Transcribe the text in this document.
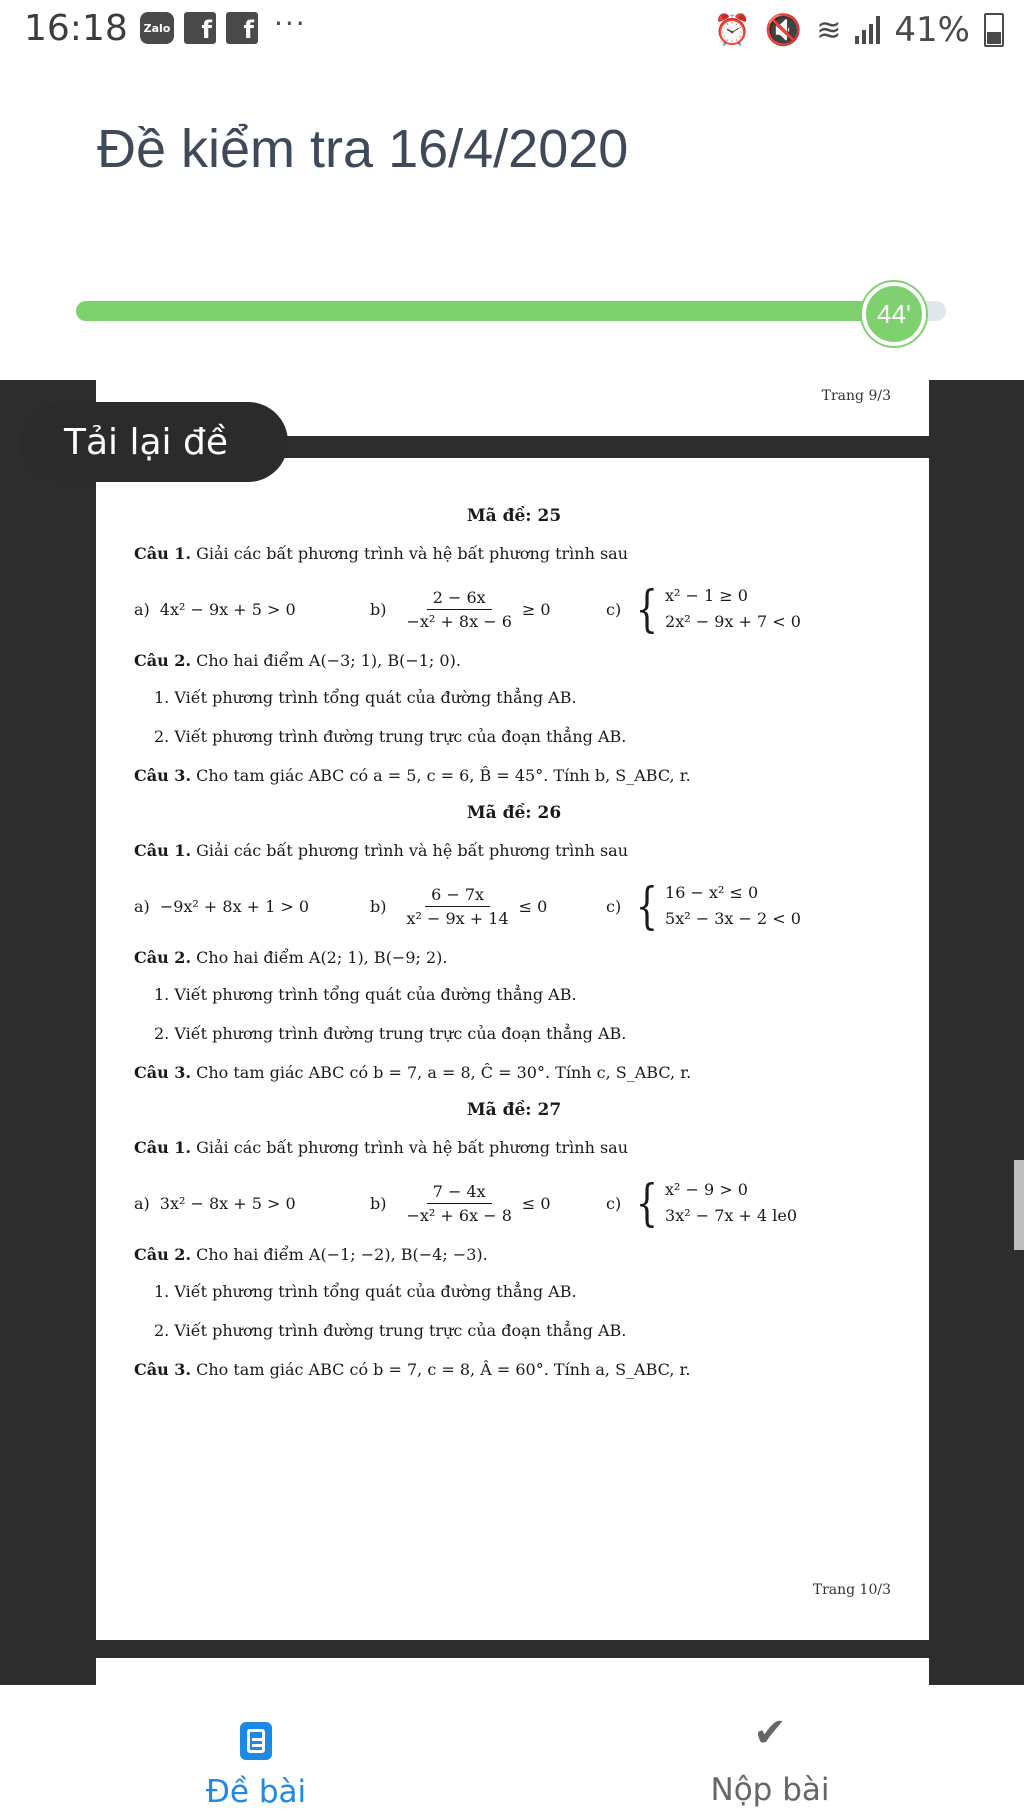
16:18	Zalo	f	f ···	⏰ 🔇 ≋ 41%
Đề kiểm tra 16/4/2020
44'
Trang 9/3
Mã đề: 25
Câu 1. Giải các bất phương trình và hệ bất phương trình sau
a) 4x² − 9x + 5 > 0	$b) \frac{2 - 6x}{\text{−x² + 8x − 6}} \ge 0$	c) { x² − 1 ≥ 0
2x² − 9x + 7 < 0
Câu 2. Cho hai điểm A(−3; 1), B(−1; 0).
1. Viết phương trình tổng quát của đường thẳng AB.
2. Viết phương trình đường trung trực của đoạn thẳng AB.
Câu 3. Cho tam giác ABC có a = 5, c = 6, B̂ = 45°. Tính b, S_ABC, r.
Mã đề: 26
Câu 1. Giải các bất phương trình và hệ bất phương trình sau
a) −9x² + 8x + 1 > 0	$b) \frac{6 - 7x}{\text{x² − 9x + 14}} \le 0$	c) { 16 − x² ≤ 0
5x² − 3x − 2 < 0
Câu 2. Cho hai điểm A(2; 1), B(−9; 2).
1. Viết phương trình tổng quát của đường thẳng AB.
2. Viết phương trình đường trung trực của đoạn thẳng AB.
Câu 3. Cho tam giác ABC có b = 7, a = 8, Ĉ = 30°. Tính c, S_ABC, r.
Mã đề: 27
Câu 1. Giải các bất phương trình và hệ bất phương trình sau
a) 3x² − 8x + 5 > 0	$b) \frac{7 - 4x}{\text{−x² + 6x − 8}} \le 0$	c) { x² − 9 > 0
3x² − 7x + 4 le0
Câu 2. Cho hai điểm A(−1; −2), B(−4; −3).
1. Viết phương trình tổng quát của đường thẳng AB.
2. Viết phương trình đường trung trực của đoạn thẳng AB.
Câu 3. Cho tam giác ABC có b = 7, c = 8, Â = 60°. Tính a, S_ABC, r.
Trang 10/3
Tải lại đề
Đề bài
✔
Nộp bài
